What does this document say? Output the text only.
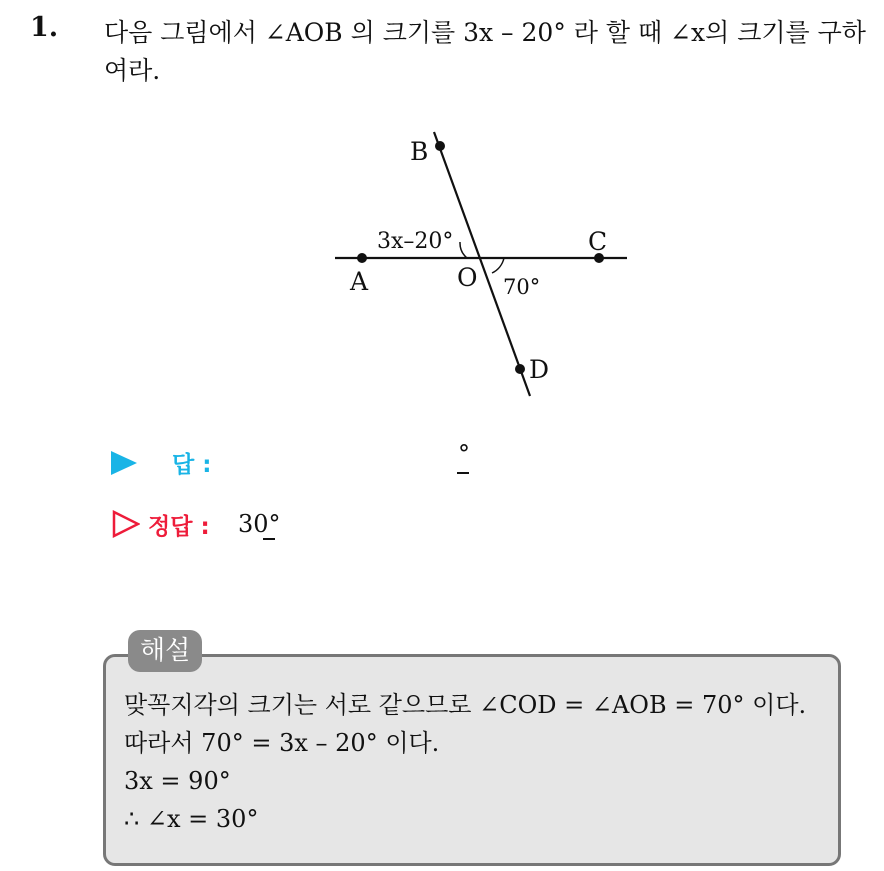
1. 다음 그림에서 ∠AOB 의 크기를 3x – 20° 라 할 때 ∠x의 크기를 구하
여라.
A
B
C
D
O
3x–20°
70°
답 :	°
정답 : 30°
해설
맞꼭지각의 크기는 서로 같으므로 ∠COD = ∠AOB = 70° 이다.
따라서 70° = 3x – 20° 이다.
3x = 90°
∴ ∠x = 30°
